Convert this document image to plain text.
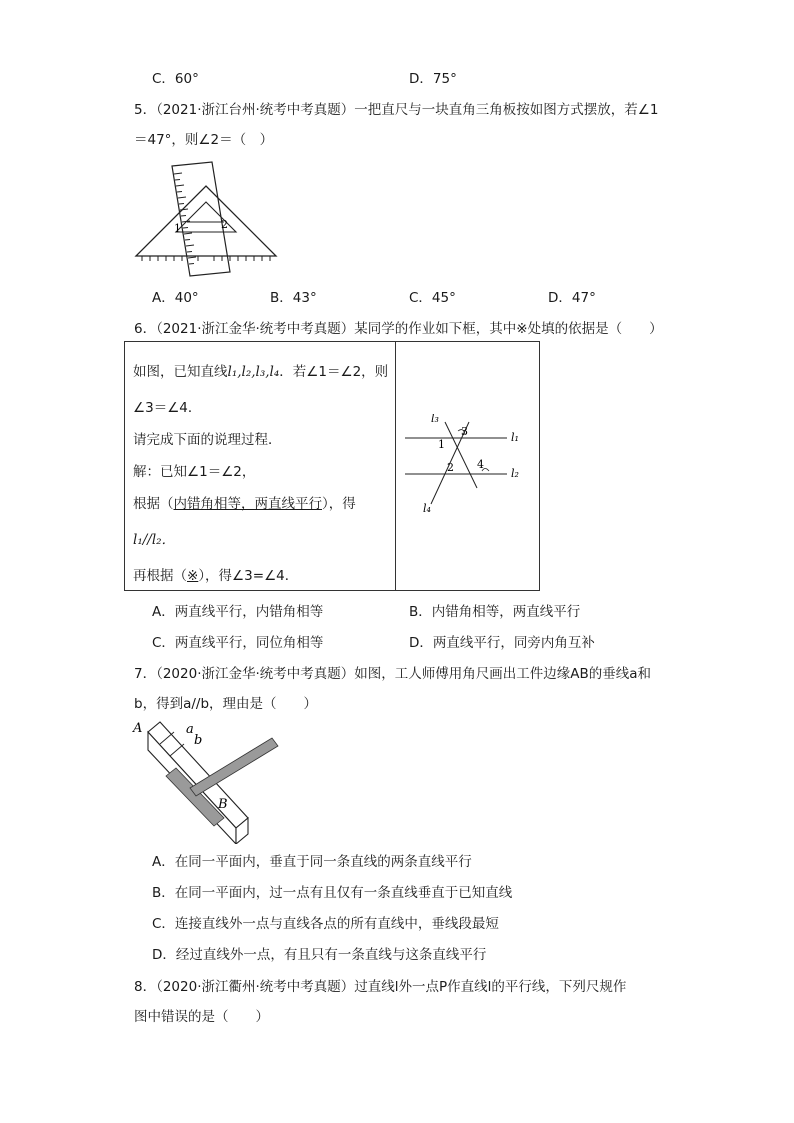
C．60°	D．75°
5．（2021·浙江台州·统考中考真题）一把直尺与一块直角三角板按如图方式摆放，若∠1
＝47°，则∠2＝（　）
1	2
A．40°	B．43°	C．45°	D．47°
6．（2021·浙江金华·统考中考真题）某同学的作业如下框，其中※处填的依据是（　　）
如图，已知直线l₁,l₂,l₃,l₄．若∠1＝∠2，则
∠3＝∠4．
请完成下面的说理过程．
解：已知∠1＝∠2，
根据（内错角相等，两直线平行），得
l₁//l₂．
再根据（※），得∠3=∠4．
l₁
l₂
l₃
l₄
3
1
2 4
A．两直线平行，内错角相等	B．内错角相等，两直线平行
C．两直线平行，同位角相等	D．两直线平行，同旁内角互补
7．（2020·浙江金华·统考中考真题）如图，工人师傅用角尺画出工件边缘AB的垂线a和
b，得到a//b，理由是（　　）
A	a
b
B
A．在同一平面内，垂直于同一条直线的两条直线平行
B．在同一平面内，过一点有且仅有一条直线垂直于已知直线
C．连接直线外一点与直线各点的所有直线中，垂线段最短
D．经过直线外一点，有且只有一条直线与这条直线平行
8．（2020·浙江衢州·统考中考真题）过直线l外一点P作直线l的平行线，下列尺规作
图中错误的是（　　）
